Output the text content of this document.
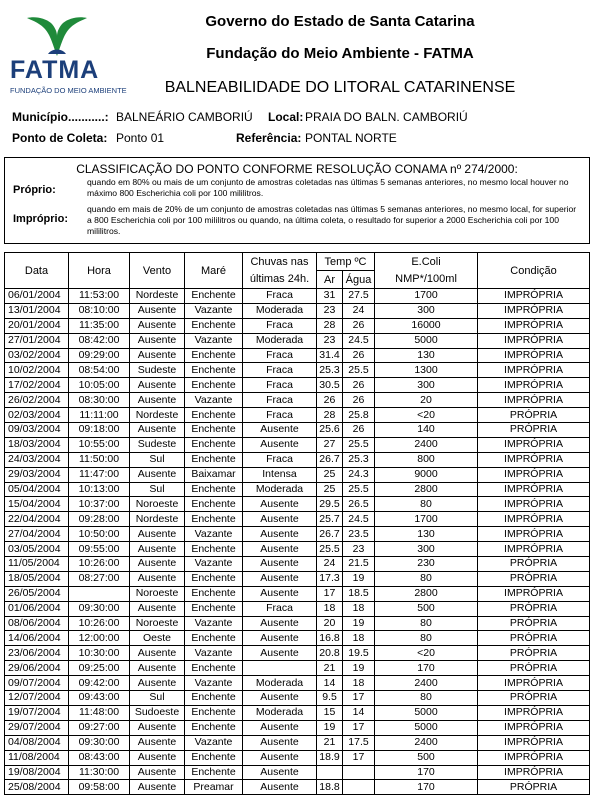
FATMA
FUNDAÇÃO DO MEIO AMBIENTE
Governo do Estado de Santa Catarina
Fundação do Meio Ambiente - FATMA
BALNEABILIDADE DO LITORAL CATARINENSE
Município...........: BALNEÁRIO CAMBORIÚ Local: PRAIA DO BALN. CAMBORIÚ
Ponto de Coleta: Ponto 01	Referência: PONTAL NORTE
CLASSIFICAÇÃO DO PONTO CONFORME RESOLUÇÃO CONAMA nº 274/2000:
Próprio:
quando em 80% ou mais de um conjunto de amostras coletadas nas últimas 5 semanas anteriores, no mesmo local houver no máximo 800 Escherichia coli por 100 mililitros.
Impróprio:
quando em mais de 20% de um conjunto de amostras coletadas nas últimas 5 semanas anteriores, no mesmo local, for superior a 800 Escherichia coli por 100 mililitros ou quando, na última coleta, o resultado for superior a 2000 Escherichia coli por 100 mililitros.
Data	Hora	Vento	Maré	Chuvas nas	Temp ºC		E.Coli	Condição
				últimas 24h.	Ar	Água	NMP*/100ml	
06/01/2004	11:53:00	Nordeste	Enchente	Fraca	31	27.5	1700	IMPRÓPRIA
13/01/2004	08:10:00	Ausente	Vazante	Moderada	23	24	300	IMPRÓPRIA
20/01/2004	11:35:00	Ausente	Enchente	Fraca	28	26	16000	IMPRÓPRIA
27/01/2004	08:42:00	Ausente	Vazante	Moderada	23	24.5	5000	IMPRÓPRIA
03/02/2004	09:29:00	Ausente	Enchente	Fraca	31.4	26	130	IMPRÓPRIA
10/02/2004	08:54:00	Sudeste	Enchente	Fraca	25.3	25.5	1300	IMPRÓPRIA
17/02/2004	10:05:00	Ausente	Enchente	Fraca	30.5	26	300	IMPRÓPRIA
26/02/2004	08:30:00	Ausente	Vazante	Fraca	26	26	20	IMPRÓPRIA
02/03/2004	11:11:00	Nordeste	Enchente	Fraca	28	25.8	<20	PRÓPRIA
09/03/2004	09:18:00	Ausente	Enchente	Ausente	25.6	26	140	PRÓPRIA
18/03/2004	10:55:00	Sudeste	Enchente	Ausente	27	25.5	2400	IMPRÓPRIA
24/03/2004	11:50:00	Sul	Enchente	Fraca	26.7	25.3	800	IMPRÓPRIA
29/03/2004	11:47:00	Ausente	Baixamar	Intensa	25	24.3	9000	IMPRÓPRIA
05/04/2004	10:13:00	Sul	Enchente	Moderada	25	25.5	2800	IMPRÓPRIA
15/04/2004	10:37:00	Noroeste	Enchente	Ausente	29.5	26.5	80	IMPRÓPRIA
22/04/2004	09:28:00	Nordeste	Enchente	Ausente	25.7	24.5	1700	IMPRÓPRIA
27/04/2004	10:50:00	Ausente	Vazante	Ausente	26.7	23.5	130	IMPRÓPRIA
03/05/2004	09:55:00	Ausente	Enchente	Ausente	25.5	23	300	IMPRÓPRIA
11/05/2004	10:26:00	Ausente	Vazante	Ausente	24	21.5	230	PRÓPRIA
18/05/2004	08:27:00	Ausente	Enchente	Ausente	17.3	19	80	PRÓPRIA
26/05/2004		Noroeste	Enchente	Ausente	17	18.5	2800	IMPRÓPRIA
01/06/2004	09:30:00	Ausente	Enchente	Fraca	18	18	500	PRÓPRIA
08/06/2004	10:26:00	Noroeste	Vazante	Ausente	20	19	80	PRÓPRIA
14/06/2004	12:00:00	Oeste	Enchente	Ausente	16.8	18	80	PRÓPRIA
23/06/2004	10:30:00	Ausente	Vazante	Ausente	20.8	19.5	<20	PRÓPRIA
29/06/2004	09:25:00	Ausente	Enchente		21	19	170	PRÓPRIA
09/07/2004	09:42:00	Ausente	Vazante	Moderada	14	18	2400	IMPRÓPRIA
12/07/2004	09:43:00	Sul	Enchente	Ausente	9.5	17	80	PRÓPRIA
19/07/2004	11:48:00	Sudoeste	Enchente	Moderada	15	14	5000	IMPRÓPRIA
29/07/2004	09:27:00	Ausente	Enchente	Ausente	19	17	5000	IMPRÓPRIA
04/08/2004	09:30:00	Ausente	Vazante	Ausente	21	17.5	2400	IMPRÓPRIA
11/08/2004	08:43:00	Ausente	Enchente	Ausente	18.9	17	500	IMPRÓPRIA
19/08/2004	11:30:00	Ausente	Enchente	Ausente			170	IMPRÓPRIA
25/08/2004	09:58:00	Ausente	Preamar	Ausente	18.8		170	PRÓPRIA
